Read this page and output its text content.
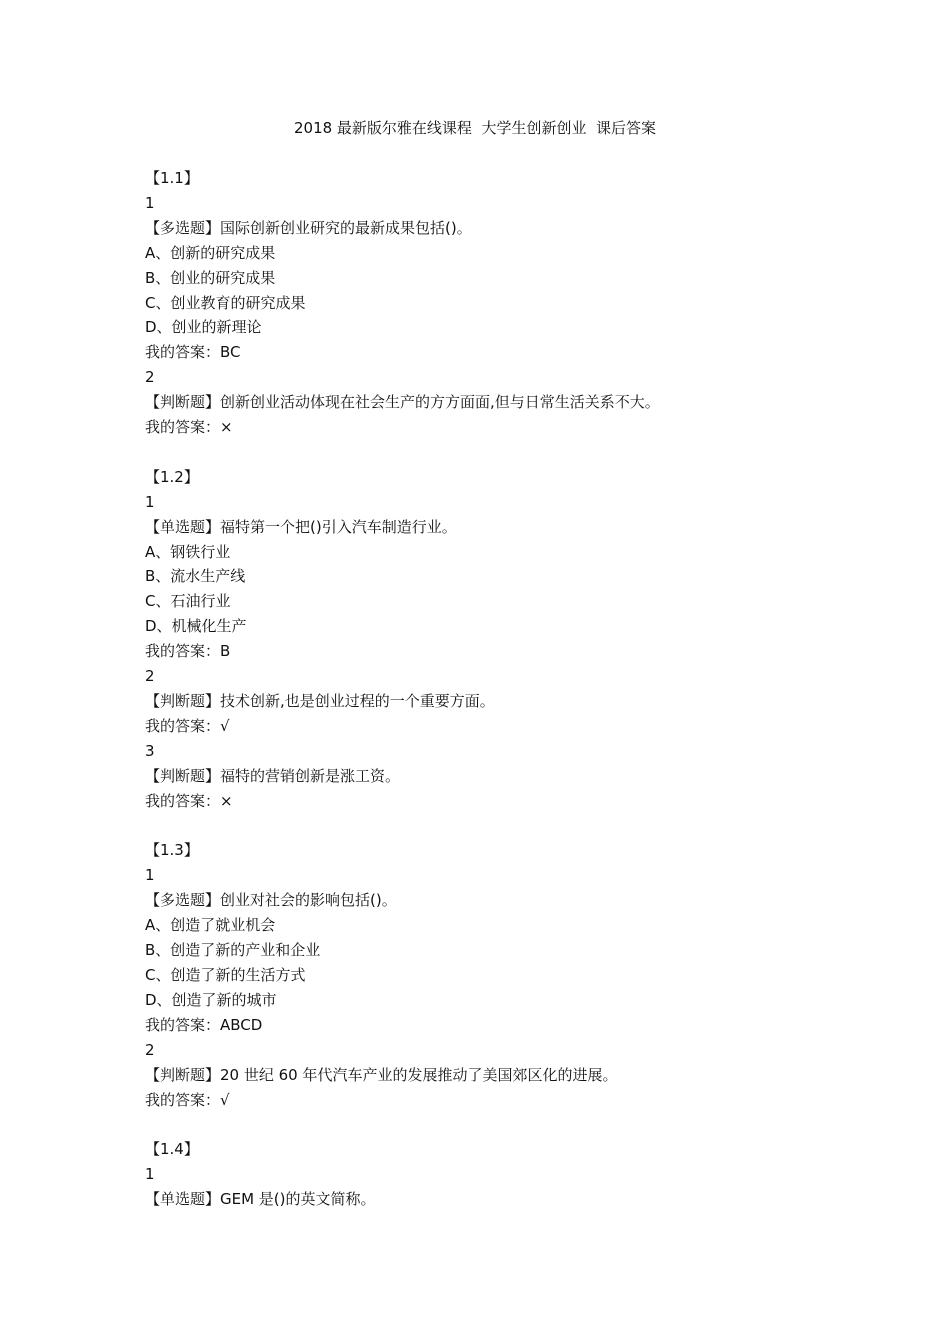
2018 最新版尔雅在线课程  大学生创新创业  课后答案
【1.1】
1
【多选题】国际创新创业研究的最新成果包括()。
A、创新的研究成果
B、创业的研究成果
C、创业教育的研究成果
D、创业的新理论
我的答案：BC
2
【判断题】创新创业活动体现在社会生产的方方面面,但与日常生活关系不大。
我的答案：×
【1.2】
1
【单选题】福特第一个把()引入汽车制造行业。
A、钢铁行业
B、流水生产线
C、石油行业
D、机械化生产
我的答案：B
2
【判断题】技术创新,也是创业过程的一个重要方面。
我的答案：√
3
【判断题】福特的营销创新是涨工资。
我的答案：×
【1.3】
1
【多选题】创业对社会的影响包括()。
A、创造了就业机会
B、创造了新的产业和企业
C、创造了新的生活方式
D、创造了新的城市
我的答案：ABCD
2
【判断题】20 世纪 60 年代汽车产业的发展推动了美国郊区化的进展。
我的答案：√
【1.4】
1
【单选题】GEM 是()的英文简称。
